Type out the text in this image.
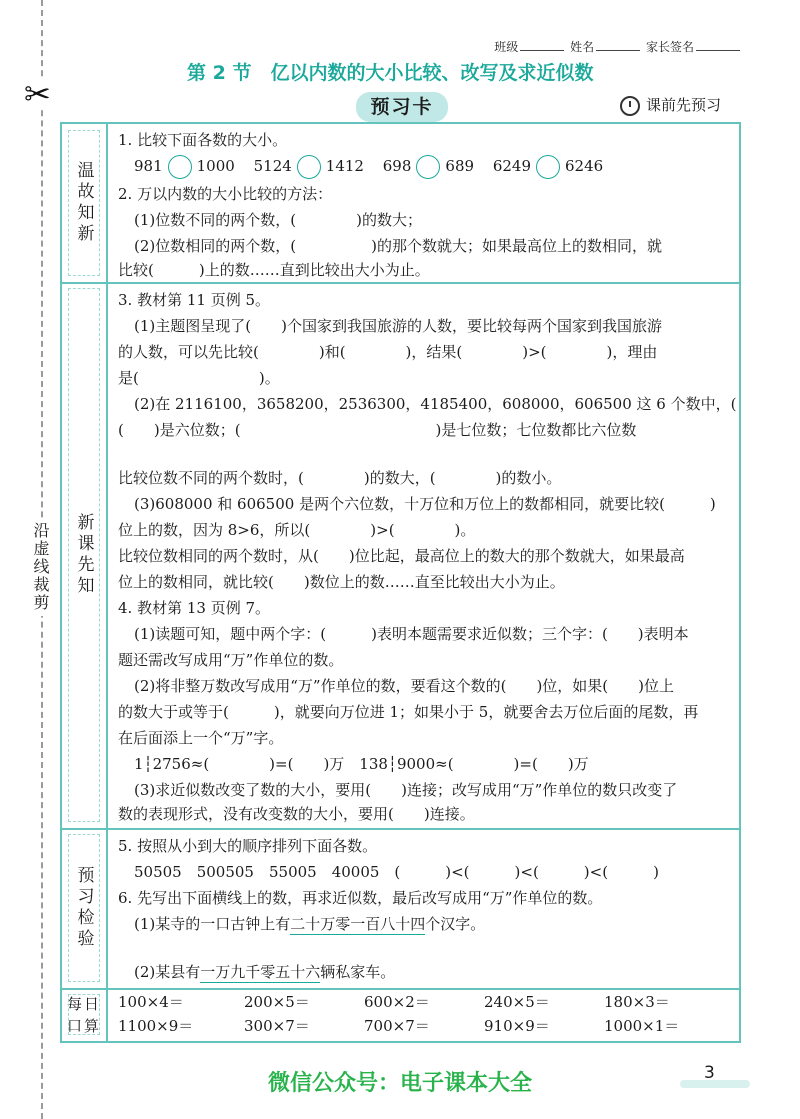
✂
沿虚线裁剪
班级	姓名	家长签名
第 2 节　亿以内数的大小比较、改写及求近似数
预习卡	课前先预习
温故知新
1. 比较下面各数的大小。
981 1000 5124 1412 698 689 6249 6246
2. 万以内数的大小比较的方法：
(1)位数不同的两个数，(　　　　)的数大；
(2)位数相同的两个数，(　　　　　)的那个数就大；如果最高位上的数相同，就
比较(　　　)上的数……直到比较出大小为止。
新课先知
3. 教材第 11 页例 5。
(1)主题图呈现了(　　)个国家到我国旅游的人数，要比较每两个国家到我国旅游
的人数，可以先比较(　　　　)和(　　　　)，结果(　　　　)>(　　　　)，理由
是(　　　　　　　　)。
(2)在 2116100，3658200，2536300，4185400，608000，606500 这 6 个数中，(
(　　)是六位数；(　　　　　　　　　　　　　)是七位数；七位数都比六位数
比较位数不同的两个数时，(　　　　)的数大，(　　　　)的数小。
(3)608000 和 606500 是两个六位数，十万位和万位上的数都相同，就要比较(　　　)
位上的数，因为 8>6，所以(　　　　)>(　　　　)。
比较位数相同的两个数时，从(　　)位比起，最高位上的数大的那个数就大，如果最高
位上的数相同，就比较(　　)数位上的数……直至比较出大小为止。
4. 教材第 13 页例 7。
(1)读题可知，题中两个字：(　　　)表明本题需要求近似数；三个字：(　　)表明本
题还需改写成用“万”作单位的数。
(2)将非整万数改写成用“万”作单位的数，要看这个数的(　　)位，如果(　　)位上
的数大于或等于(　　　)，就要向万位进 1；如果小于 5，就要舍去万位后面的尾数，再
在后面添上一个“万”字。
1┆2756≈(　　　　)=(　　)万　138┆9000≈(　　　　)=(　　)万
(3)求近似数改变了数的大小，要用(　　)连接；改写成用“万”作单位的数只改变了
数的表现形式，没有改变数的大小，要用(　　)连接。
预习检验
5. 按照从小到大的顺序排列下面各数。
50505　500505　55005　40005　(　　　)<(　　　)<(　　　)<(　　　)
6. 先写出下面横线上的数，再求近似数，最后改写成用“万”作单位的数。
(1)某寺的一口古钟上有二十万零一百八十四个汉字。
(2)某县有一万九千零五十六辆私家车。
每日口算
100×4＝	200×5＝	600×2＝	240×5＝	180×3＝
1100×9＝	300×7＝	700×7＝	910×9＝	1000×1＝
3
微信公众号：电子课本大全
